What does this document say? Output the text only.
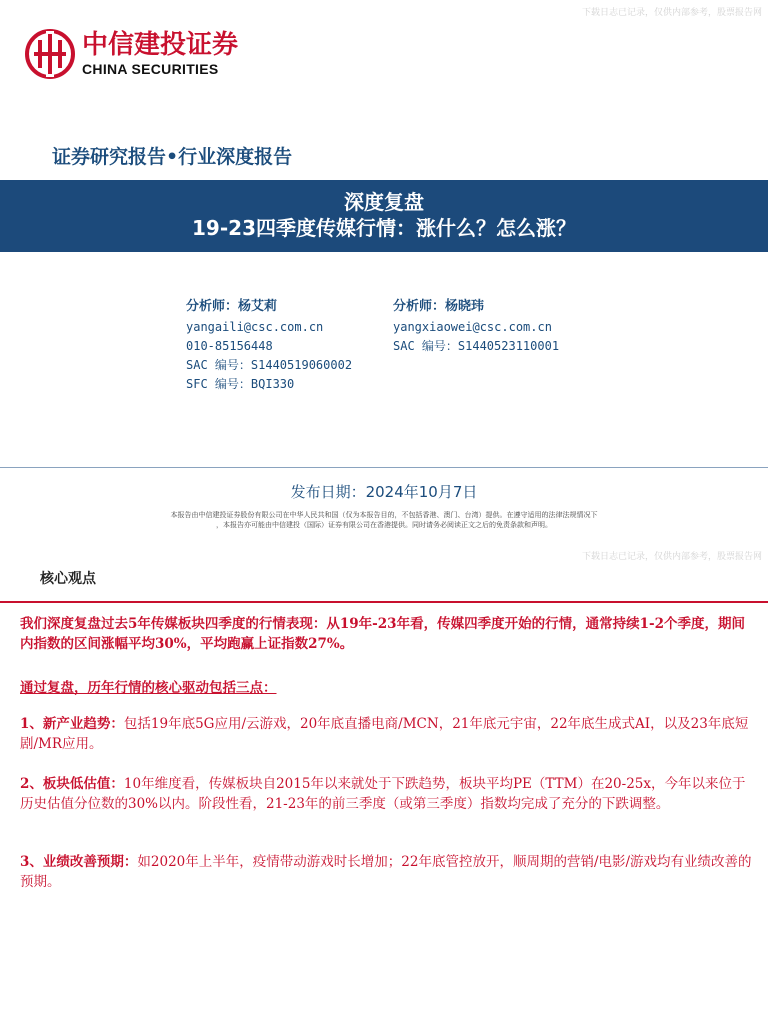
下载日志已记录，仅供内部参考，股票报告网
中信建投证券
CHINA SECURITIES
证券研究报告•行业深度报告
深度复盘
19-23四季度传媒行情：涨什么？怎么涨？
分析师：杨艾莉
yangaili@csc.com.cn
010-85156448
SAC 编号：S1440519060002
SFC 编号：BQI330
分析师：杨晓玮
yangxiaowei@csc.com.cn
SAC 编号：S1440523110001
发布日期：2024年10月7日
本报告由中信建投证券股份有限公司在中华人民共和国（仅为本报告目的，不包括香港、澳门、台湾）提供。在遵守适用的法律法规情况下
，本报告亦可能由中信建投（国际）证券有限公司在香港提供。同时请务必阅读正文之后的免责条款和声明。
下载日志已记录，仅供内部参考，股票报告网
核心观点
我们深度复盘过去5年传媒板块四季度的行情表现：从19年-23年看，传媒四季度开始的行情，通常持续1-2个季度，期间内指数的区间涨幅平均30%，平均跑赢上证指数27%。
通过复盘，历年行情的核心驱动包括三点：
1、新产业趋势：包括19年底5G应用/云游戏，20年底直播电商/MCN，21年底元宇宙，22年底生成式AI，以及23年底短剧/MR应用。
2、板块低估值：10年维度看，传媒板块自2015年以来就处于下跌趋势，板块平均PE（TTM）在20-25x，今年以来位于历史估值分位数的30%以内。阶段性看，21-23年的前三季度（或第三季度）指数均完成了充分的下跌调整。
3、业绩改善预期：如2020年上半年，疫情带动游戏时长增加；22年底管控放开，顺周期的营销/电影/游戏均有业绩改善的预期。
